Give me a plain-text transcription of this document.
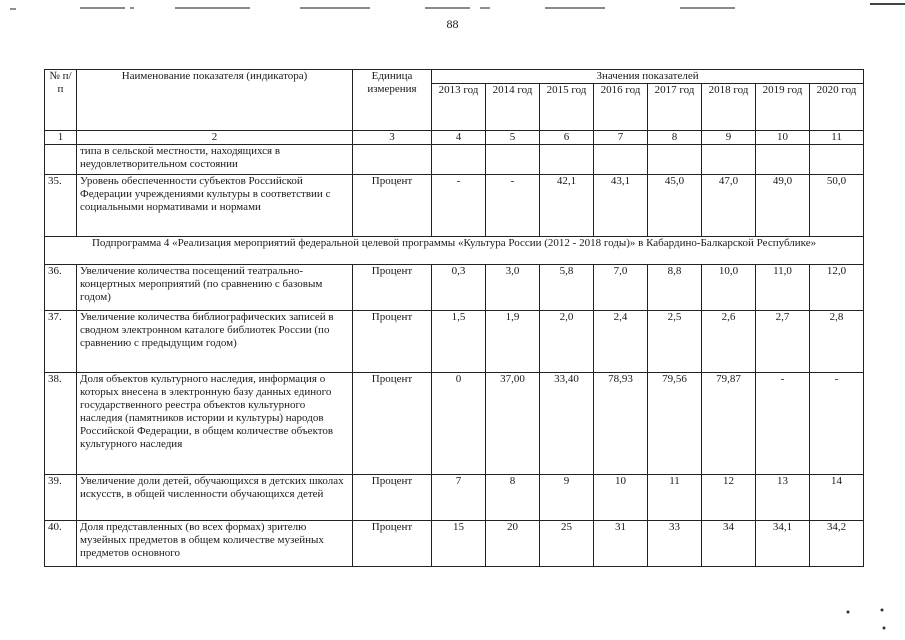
88
№ п/п	Наименование показателя (индикатора)	Единица измерения	Значения показателей							
			2013 год	2014 год	2015 год	2016 год	2017 год	2018 год	2019 год	2020 год
1	2	3	4	5	6	7	8	9	10	11
	типа в сельской местности, находящихся в неудовлетворительном состоянии									
35.	Уровень обеспеченности субъектов Российской Федерации учреждениями культуры в соответствии с социальными нормативами и нормами	Процент	-	-	42,1	43,1	45,0	47,0	49,0	50,0
Подпрограмма 4 «Реализация мероприятий федеральной целевой программы «Культура России (2012 - 2018 годы)» в Кабардино-Балкарской Республике»										
36.	Увеличение количества посещений театрально-концертных мероприятий (по сравнению с базовым годом)	Процент	0,3	3,0	5,8	7,0	8,8	10,0	11,0	12,0
37.	Увеличение количества библиографических записей в сводном электронном каталоге библиотек России (по сравнению с предыдущим годом)	Процент	1,5	1,9	2,0	2,4	2,5	2,6	2,7	2,8
38.	Доля объектов культурного наследия, информация о которых внесена в электронную базу данных единого государственного реестра объектов культурного наследия (памятников истории и культуры) народов Российской Федерации, в общем количестве объектов культурного наследия	Процент	0	37,00	33,40	78,93	79,56	79,87	-	-
39.	Увеличение доли детей, обучающихся в детских школах искусств, в общей численности обучающихся детей	Процент	7	8	9	10	11	12	13	14
40.	Доля представленных (во всех формах) зрителю музейных предметов в общем количестве музейных предметов основного	Процент	15	20	25	31	33	34	34,1	34,2
